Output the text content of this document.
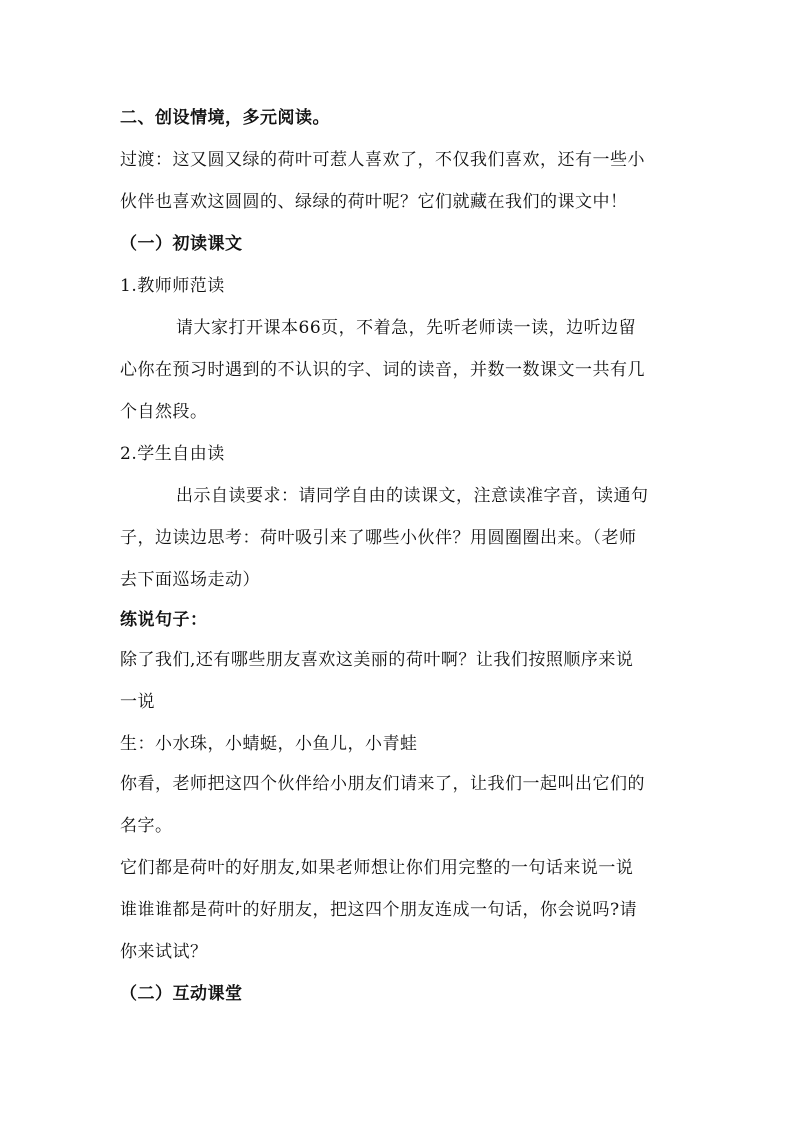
二、创设情境，多元阅读。
过渡：这又圆又绿的荷叶可惹人喜欢了，不仅我们喜欢，还有一些小
伙伴也喜欢这圆圆的、绿绿的荷叶呢？它们就藏在我们的课文中！
（一）初读课文
1.教师师范读
请大家打开课本66页，不着急，先听老师读一读，边听边留
心你在预习时遇到的不认识的字、词的读音，并数一数课文一共有几
个自然段。
2.学生自由读
出示自读要求：请同学自由的读课文，注意读准字音，读通句
子，边读边思考：荷叶吸引来了哪些小伙伴？用圆圈圈出来。（老师
去下面巡场走动）
练说句子：
除了我们,还有哪些朋友喜欢这美丽的荷叶啊？让我们按照顺序来说
一说
生：小水珠，小蜻蜓，小鱼儿，小青蛙
你看，老师把这四个伙伴给小朋友们请来了，让我们一起叫出它们的
名字。
它们都是荷叶的好朋友,如果老师想让你们用完整的一句话来说一说
谁谁谁都是荷叶的好朋友，把这四个朋友连成一句话，你会说吗?请
你来试试？
（二）互动课堂
